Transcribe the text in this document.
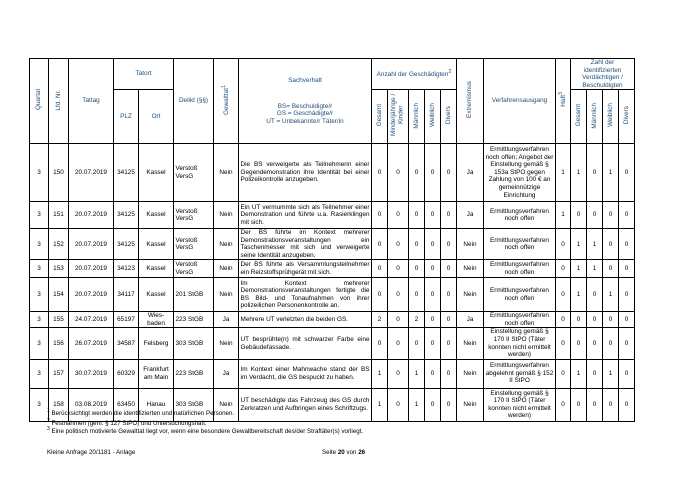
Quartal	Lfd. Nr.	Tattag	Tatort		Delikt (§§)	Gewalttat$^1$	Sachverhalt
BS= Beschuldigte/r
GS = Geschädigte/r
UT = Unbekannte/r Täter/in	Anzahl der Geschädigten$^2$					Extremismus	Verfahrensausgang	Haft$^3$	Zahl der identifizierten Verdächtigen / Beschuldigten			
			PLZ	Ort				Gesamt	Minderjährige / Kinder	Männlich	Weiblich	Divers				Gesamt	Männlich	Weiblich	Divers
3	150	20.07.2019	34125	Kassel	Verstoß VersG	Nein	Die BS verweigerte als Teilnehmerin einer Gegendemonstration ihre Identität bei einer Polizeikontrolle anzugeben.	0	0	0	0	0	Ja	Ermittlungsverfahren noch offen; Angebot der Einstellung gemäß § 153a StPO gegen Zahlung von 100 € an gemeinnützige Einrichtung	1	1	0	1	0
3	151	20.07.2019	34125	Kassel	Verstoß VersG	Nein	Ein UT vermummte sich als Teilnehmer einer Demonstration und führte u.a. Rasierklingen mit sich.	0	0	0	0	0	Ja	Ermittlungsverfahren noch offen	1	0	0	0	0
3	152	20.07.2019	34125	Kassel	Verstoß VersG	Nein	Der BS führte im Kontext mehrerer Demonstrationsveranstaltungen ein Taschenmesser mit sich und verweigerte seine Identität anzugeben.	0	0	0	0	0	Nein	Ermittlungsverfahren noch offen	0	1	1	0	0
3	153	20.07.2019	34123	Kassel	Verstoß VersG	Nein	Der BS führte als Versammlungsteilnehmer ein Reizstoffsprühgerät mit sich.	0	0	0	0	0	Nein	Ermittlungsverfahren noch offen	0	1	1	0	0
3	154	20.07.2019	34117	Kassel	201 StGB	Nein	Im Kontext mehrerer Demonstrationsveranstaltungen fertigte die BS Bild- und Tonaufnahmen von ihrer polizeilichen Personenkontrolle an.	0	0	0	0	0	Nein	Ermittlungsverfahren noch offen	0	1	0	1	0
3	155	24.07.2019	65197	Wies-baden	223 StGB	Ja	Mehrere UT verletzten die beiden GS.	2	0	2	0	0	Ja	Ermittlungsverfahren noch offen	0	0	0	0	0
3	156	26.07.2019	34587	Felsberg	303 StGB	Nein	UT besprühte(n) mit schwarzer Farbe eine Gebäudefassade.	0	0	0	0	0	Nein	Einstellung gemäß § 170 II StPO (Täter konnten nicht ermittelt werden)	0	0	0	0	0
3	157	30.07.2019	60329	Frankfurt am Main	223 StGB	Ja	Im Kontext einer Mahnwache stand der BS im Verdacht, die GS bespuckt zu haben.	1	0	1	0	0	Nein	Ermittlungsverfahren abgelehnt gemäß § 152 II StPO	0	1	0	1	0
3	158	03.08.2019	63450	Hanau	303 StGB	Nein	UT beschädigte das Fahrzeug des GS durch Zerkratzen und Aufbringen eines Schriftzugs.	1	0	1	0	0	Nein	Einstellung gemäß § 170 II StPO (Täter konnten nicht ermittelt werden)	0	0	0	0	0
$^1$ Berücksichtigt werden die identifizierten und natürlichen Personen.
$^2$ Festnahmen (gem. § 127 StPO) und Untersuchungshaft.
$^3$ Eine politisch motivierte Gewalttat liegt vor, wenn eine besondere Gewaltbereitschaft des/der Straftäter(s) vorliegt.
Kleine Anfrage 20/1181 - Anlage	Seite 20 von 26
